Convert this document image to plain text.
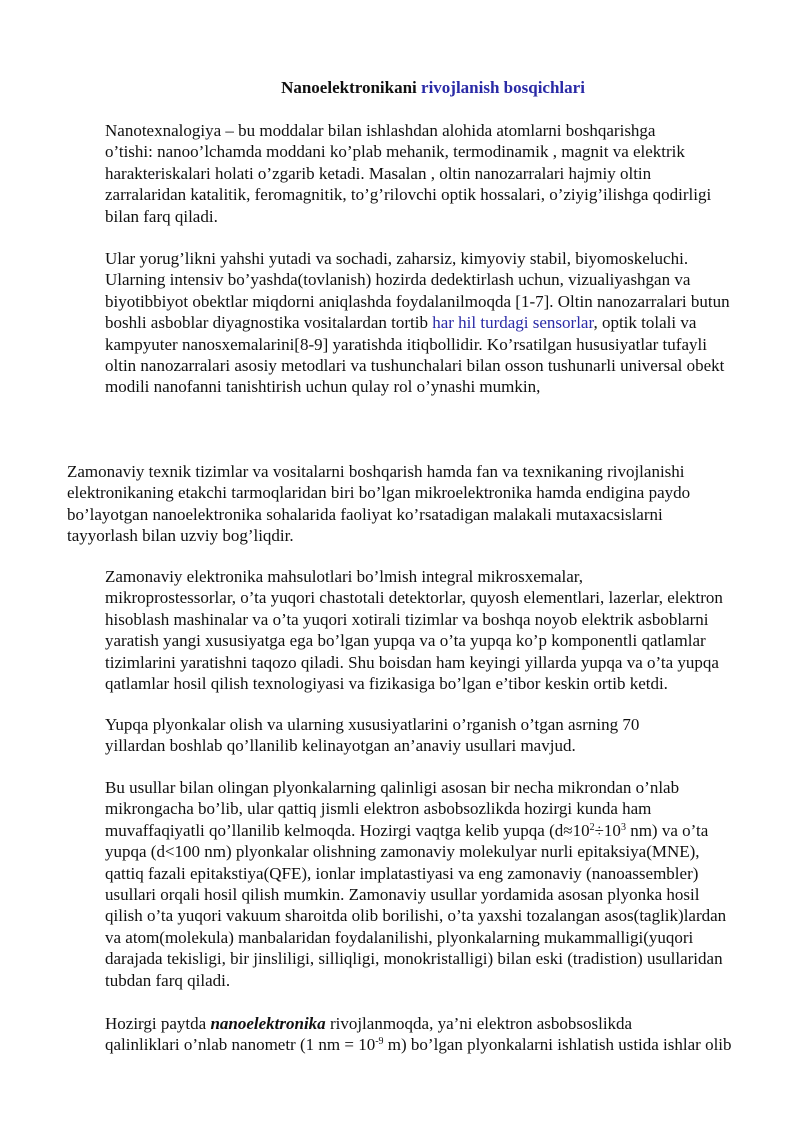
Nanoelektronikani rivojlanish bosqichlari
Nanotexnalogiya – bu moddalar bilan ishlashdan alohida atomlarni boshqarishga
o’tishi: nanoo’lchamda moddani ko’plab mehanik, termodinamik , magnit va elektrik
harakteriskalari holati o’zgarib ketadi. Masalan , oltin nanozarralari hajmiy oltin
zarralaridan katalitik, feromagnitik, to’g’rilovchi optik hossalari, o’ziyig’ilishga qodirligi
bilan farq qiladi.
Ular yorug’likni yahshi yutadi va sochadi, zaharsiz, kimyoviy stabil, biyomoskeluchi.
Ularning intensiv bo’yashda(tovlanish) hozirda dedektirlash uchun, vizualiyashgan va
biyotibbiyot obektlar miqdorni aniqlashda foydalanilmoqda [1-7]. Oltin nanozarralari butun
boshli asboblar diyagnostika vositalardan tortib har hil turdagi sensorlar, optik tolali va
kampyuter nanosxemalarini[8-9] yaratishda itiqbollidir. Ko’rsatilgan hususiyatlar tufayli
oltin nanozarralari asosiy metodlari va tushunchalari bilan osson tushunarli universal obekt
modili nanofanni tanishtirish uchun qulay rol o’ynashi mumkin,
Zamonaviy texnik tizimlar va vositalarni boshqarish hamda fan va texnikaning rivojlanishi
elektronikaning etakchi tarmoqlaridan biri bo’lgan mikroelektronika hamda endigina paydo
bo’layotgan nanoelektronika sohalarida faoliyat ko’rsatadigan malakali mutaxacsislarni
tayyorlash bilan uzviy bog’liqdir.
Zamonaviy elektronika mahsulotlari bo’lmish integral mikrosxemalar,
mikroprostessorlar, o’ta yuqori chastotali detektorlar, quyosh elementlari, lazerlar, elektron
hisoblash mashinalar va o’ta yuqori xotirali tizimlar va boshqa noyob elektrik asboblarni
yaratish yangi xususiyatga ega bo’lgan yupqa va o’ta yupqa ko’p komponentli qatlamlar
tizimlarini yaratishni taqozo qiladi. Shu boisdan ham keyingi yillarda yupqa va o’ta yupqa
qatlamlar hosil qilish texnologiyasi va fizikasiga bo’lgan e’tibor keskin ortib ketdi.
Yupqa plyonkalar olish va ularning xususiyatlarini o’rganish o’tgan asrning 70
yillardan boshlab qo’llanilib kelinayotgan an’anaviy usullari mavjud.
Bu usullar bilan olingan plyonkalarning qalinligi asosan bir necha mikrondan o’nlab
mikrongacha bo’lib, ular qattiq jismli elektron asbobsozlikda hozirgi kunda ham
muvaffaqiyatli qo’llanilib kelmoqda. Hozirgi vaqtga kelib yupqa ($d\approx 10^2\div 10^3$ nm) va o’ta
yupqa (d<100 nm) plyonkalar olishning zamonaviy molekulyar nurli epitaksiya(MNE),
qattiq fazali epitakstiya(QFE), ionlar implatastiyasi va eng zamonaviy (nanoassembler)
usullari orqali hosil qilish mumkin. Zamonaviy usullar yordamida asosan plyonka hosil
qilish o’ta yuqori vakuum sharoitda olib borilishi, o’ta yaxshi tozalangan asos(taglik)lardan
va atom(molekula) manbalaridan foydalanilishi, plyonkalarning mukammalligi(yuqori
darajada tekisligi, bir jinsliligi, silliqligi, monokristalligi) bilan eski (tradistion) usullaridan
tubdan farq qiladi.
Hozirgi paytda nanoelektronika rivojlanmoqda, ya’ni elektron asbobsoslikda
qalinliklari o’nlab nanometr (1 nm = $10^{-9}$ m) bo’lgan plyonkalarni ishlatish ustida ishlar olib
